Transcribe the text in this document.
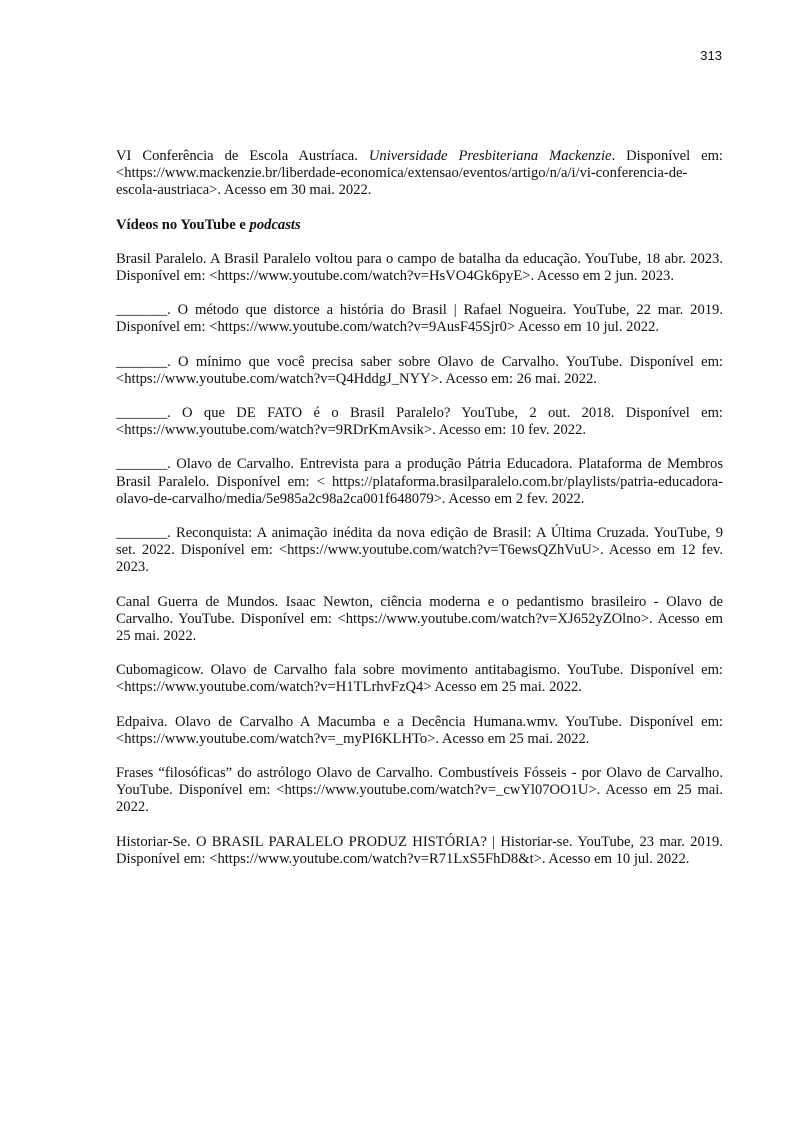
313

VI Conferência de Escola Austríaca. Universidade Presbiteriana Mackenzie. Disponível em: <https://www.mackenzie.br/liberdade-economica/extensao/eventos/artigo/n/a/i/vi-conferencia-de-escola-austriaca>. Acesso em 30 mai. 2022.

Vídeos no YouTube e podcasts

Brasil Paralelo. A Brasil Paralelo voltou para o campo de batalha da educação. YouTube, 18 abr. 2023. Disponível em: <https://www.youtube.com/watch?v=HsVO4Gk6pyE>. Acesso em 2 jun. 2023.

_______. O método que distorce a história do Brasil | Rafael Nogueira. YouTube, 22 mar. 2019. Disponível em: <https://www.youtube.com/watch?v=9AusF45Sjr0> Acesso em 10 jul. 2022.

_______. O mínimo que você precisa saber sobre Olavo de Carvalho. YouTube. Disponível em: <https://www.youtube.com/watch?v=Q4HddgJ_NYY>. Acesso em: 26 mai. 2022.

_______. O que DE FATO é o Brasil Paralelo? YouTube, 2 out. 2018. Disponível em: <https://www.youtube.com/watch?v=9RDrKmAvsik>. Acesso em: 10 fev. 2022.

_______. Olavo de Carvalho. Entrevista para a produção Pátria Educadora. Plataforma de Membros Brasil Paralelo. Disponível em: < https://plataforma.brasilparalelo.com.br/playlists/patria-educadora-olavo-de-carvalho/media/5e985a2c98a2ca001f648079>. Acesso em 2 fev. 2022.

_______. Reconquista: A animação inédita da nova edição de Brasil: A Última Cruzada. YouTube, 9 set. 2022. Disponível em: <https://www.youtube.com/watch?v=T6ewsQZhVuU>. Acesso em 12 fev. 2023.

Canal Guerra de Mundos. Isaac Newton, ciência moderna e o pedantismo brasileiro - Olavo de Carvalho. YouTube. Disponível em: <https://www.youtube.com/watch?v=XJ652yZOlno>. Acesso em 25 mai. 2022.

Cubomagicow. Olavo de Carvalho fala sobre movimento antitabagismo. YouTube. Disponível em: <https://www.youtube.com/watch?v=H1TLrhvFzQ4> Acesso em 25 mai. 2022.

Edpaiva. Olavo de Carvalho A Macumba e a Decência Humana.wmv. YouTube. Disponível em: <https://www.youtube.com/watch?v=_myPI6KLHTo>. Acesso em 25 mai. 2022.

Frases “filosóficas” do astrólogo Olavo de Carvalho. Combustíveis Fósseis - por Olavo de Carvalho. YouTube. Disponível em: <https://www.youtube.com/watch?v=_cwYl07OO1U>. Acesso em 25 mai. 2022.

Historiar-Se. O BRASIL PARALELO PRODUZ HISTÓRIA? | Historiar-se. YouTube, 23 mar. 2019. Disponível em: <https://www.youtube.com/watch?v=R71LxS5FhD8&t>. Acesso em 10 jul. 2022.
